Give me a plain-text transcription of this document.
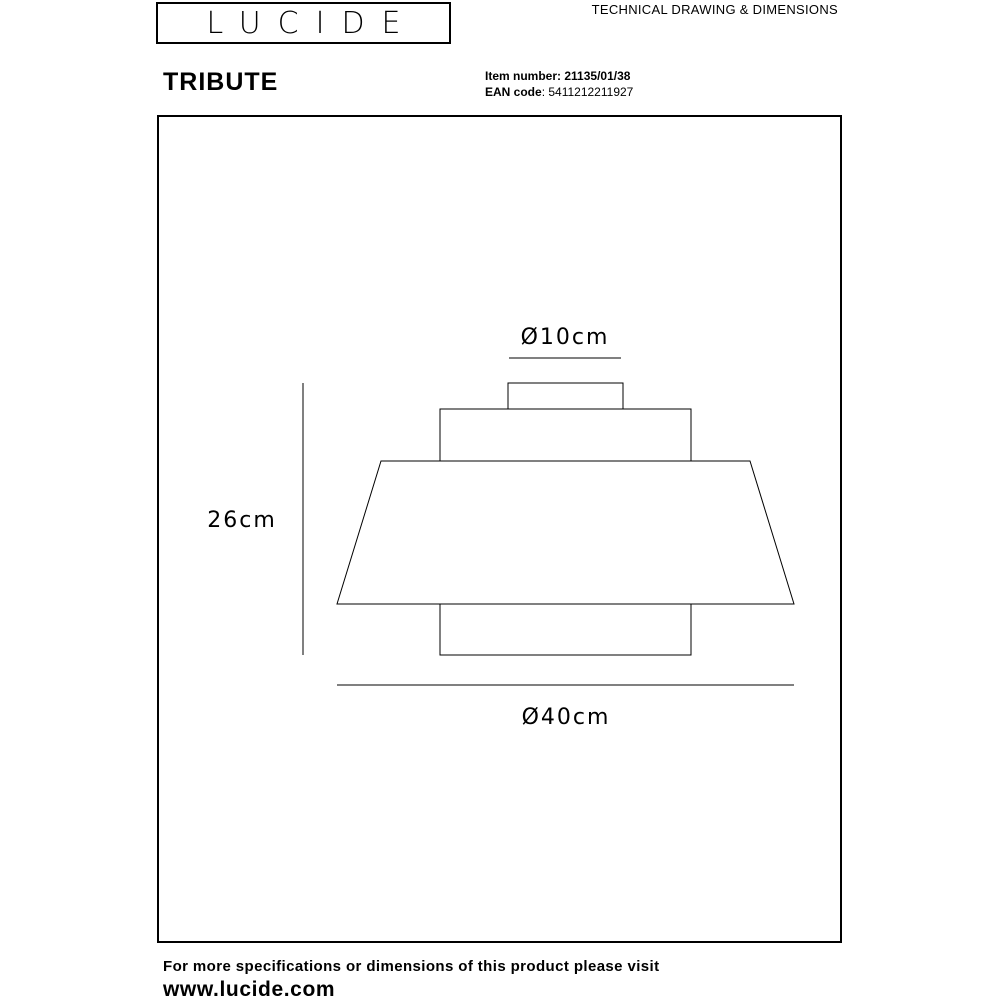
LUCIDE	TECHNICAL DRAWING & DIMENSIONS
TRIBUTE	Item number: 21135/01/38
EAN code: 5411212211927
Ø10cm
26cm
Ø40cm
For more specifications or dimensions of this product please visit
www.lucide.com
